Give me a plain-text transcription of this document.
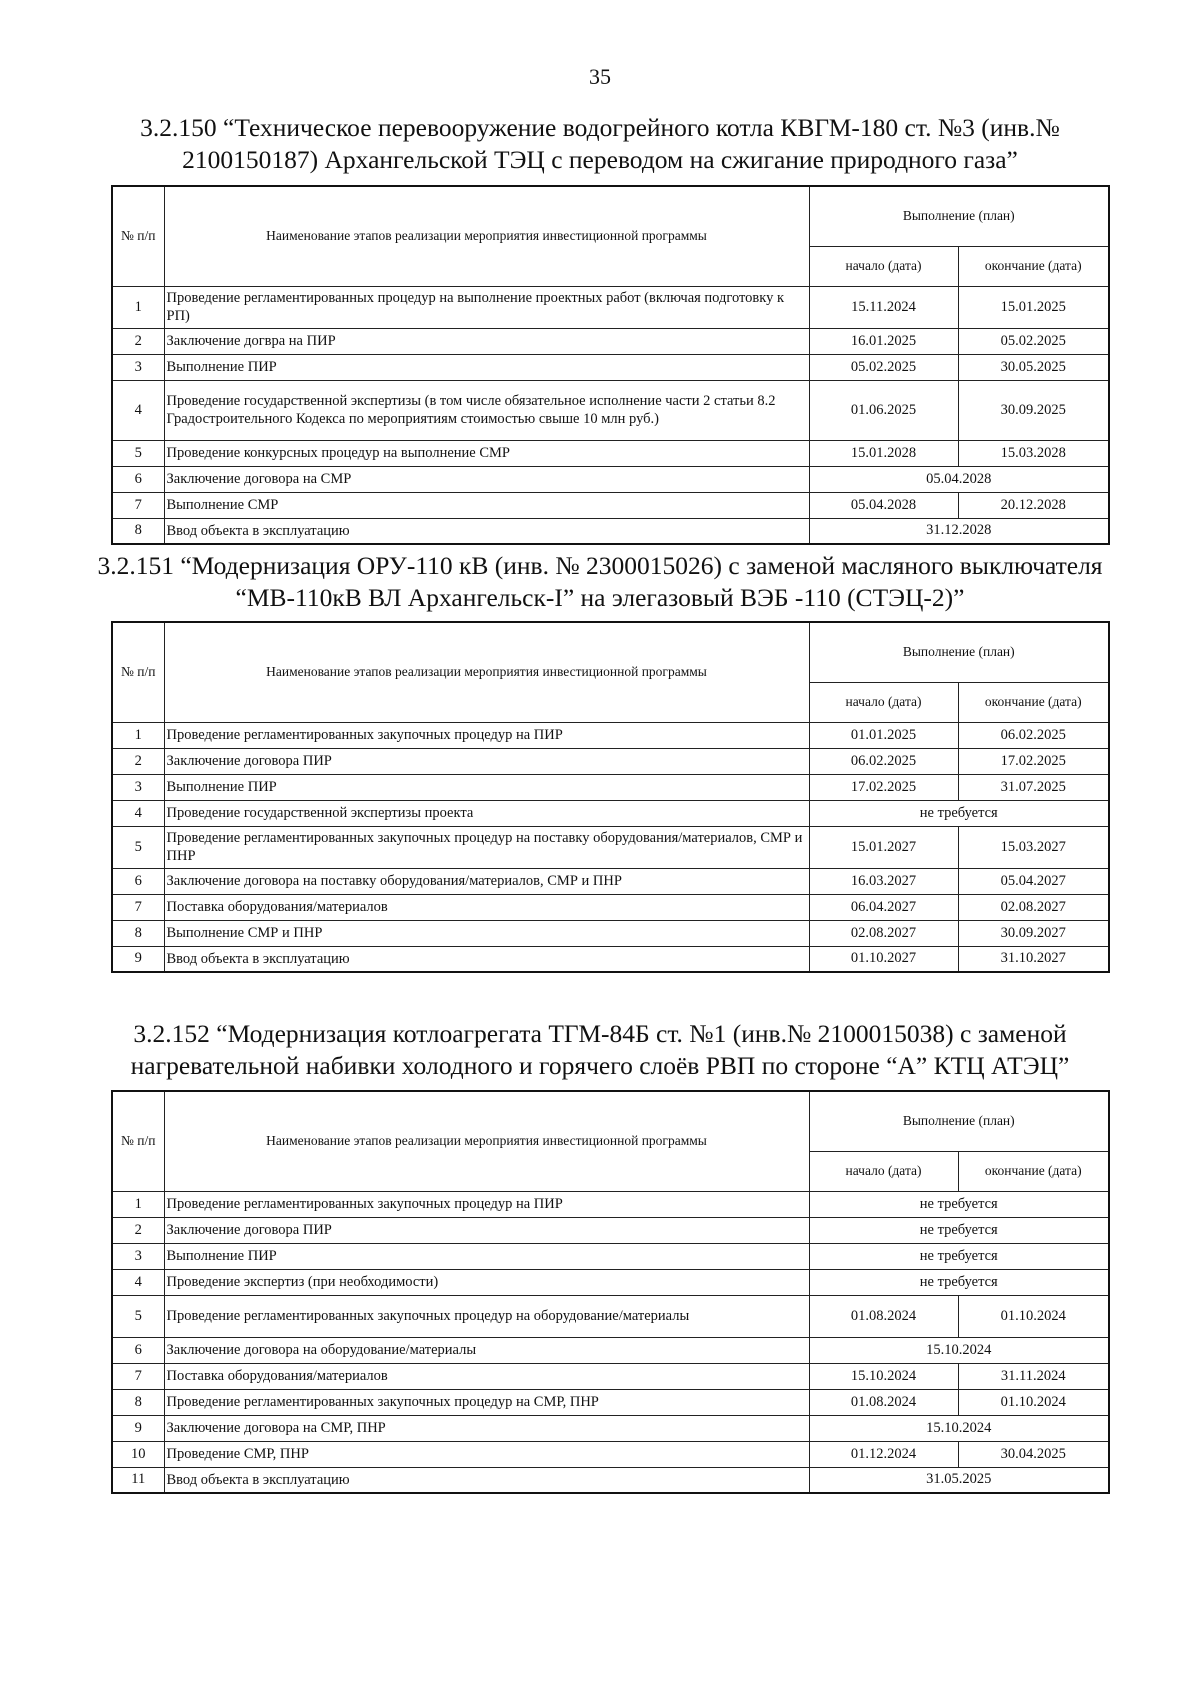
35
3.2.150 “Техническое перевооружение водогрейного котла КВГМ-180 ст. №3 (инв.№
2100150187) Архангельской ТЭЦ с переводом на сжигание природного газа”
№ п/п	Наименование этапов реализации мероприятия инвестиционной программы	Выполнение (план)	
		начало (дата)	окончание (дата)
1	Проведение регламентированных процедур на выполнение проектных работ (включая подготовку к РП)	15.11.2024	15.01.2025
2	Заключение догвра на ПИР	16.01.2025	05.02.2025
3	Выполнение ПИР	05.02.2025	30.05.2025
4	Проведение государственной экспертизы (в том числе обязательное исполнение части 2 статьи 8.2 Градостроительного Кодекса по мероприятиям стоимостью свыше 10 млн руб.)	01.06.2025	30.09.2025
5	Проведение конкурсных процедур на выполнение СМР	15.01.2028	15.03.2028
6	Заключение договора на СМР	05.04.2028	
7	Выполнение СМР	05.04.2028	20.12.2028
8	Ввод объекта в эксплуатацию	31.12.2028	
3.2.151 “Модернизация ОРУ-110 кВ (инв. № 2300015026) с заменой масляного выключателя
“МВ-110кВ ВЛ Архангельск-I” на элегазовый ВЭБ -110 (СТЭЦ-2)”
№ п/п	Наименование этапов реализации мероприятия инвестиционной программы	Выполнение (план)	
		начало (дата)	окончание (дата)
1	Проведение регламентированных закупочных процедур на ПИР	01.01.2025	06.02.2025
2	Заключение договора ПИР	06.02.2025	17.02.2025
3	Выполнение ПИР	17.02.2025	31.07.2025
4	Проведение государственной экспертизы проекта	не требуется	
5	Проведение регламентированных закупочных процедур на поставку оборудования/материалов, СМР и ПНР	15.01.2027	15.03.2027
6	Заключение договора на поставку оборудования/материалов, СМР и ПНР	16.03.2027	05.04.2027
7	Поставка оборудования/материалов	06.04.2027	02.08.2027
8	Выполнение СМР и ПНР	02.08.2027	30.09.2027
9	Ввод объекта в эксплуатацию	01.10.2027	31.10.2027
3.2.152 “Модернизация котлоагрегата ТГМ-84Б ст. №1 (инв.№ 2100015038) с заменой
нагревательной набивки холодного и горячего слоёв РВП по стороне “А” КТЦ АТЭЦ”
№ п/п	Наименование этапов реализации мероприятия инвестиционной программы	Выполнение (план)	
		начало (дата)	окончание (дата)
1	Проведение регламентированных закупочных процедур на ПИР	не требуется	
2	Заключение договора ПИР	не требуется	
3	Выполнение ПИР	не требуется	
4	Проведение экспертиз (при необходимости)	не требуется	
5	Проведение регламентированных закупочных процедур на оборудование/материалы	01.08.2024	01.10.2024
6	Заключение договора на оборудование/материалы	15.10.2024	
7	Поставка оборудования/материалов	15.10.2024	31.11.2024
8	Проведение регламентированных закупочных процедур на СМР, ПНР	01.08.2024	01.10.2024
9	Заключение договора на СМР, ПНР	15.10.2024	
10	Проведение СМР, ПНР	01.12.2024	30.04.2025
11	Ввод объекта в эксплуатацию	31.05.2025	
